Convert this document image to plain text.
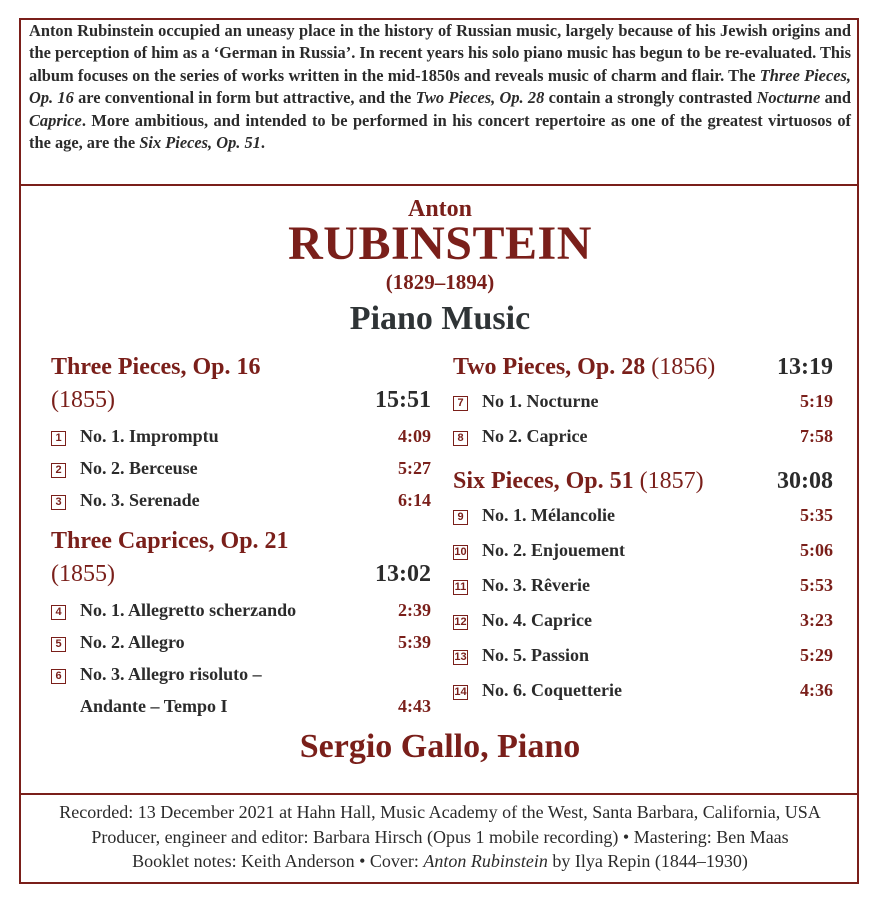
Anton Rubinstein occupied an uneasy place in the history of Russian music, largely because of his Jewish origins and the perception of him as a ‘German in Russia’. In recent years his solo piano music has begun to be re-evaluated. This album focuses on the series of works written in the mid-1850s and reveals music of charm and flair. The Three Pieces, Op. 16 are conventional in form but attractive, and the Two Pieces, Op. 28 contain a strongly contrasted Nocturne and Caprice. More ambitious, and intended to be performed in his concert repertoire as one of the greatest virtuosos of the age, are the Six Pieces, Op. 51.

Anton
RUBINSTEIN
(1829–1894)
Piano Music
Three Pieces, Op. 16
(1855)	15:51
1 No. 1. Impromptu	4:09
2 No. 2. Berceuse	5:27
3 No. 3. Serenade	6:14
Three Caprices, Op. 21
(1855)	13:02
4 No. 1. Allegretto scherzando	2:39
5 No. 2. Allegro	5:39
6 No. 3. Allegro risoluto –
Andante – Tempo I	4:43
Two Pieces, Op. 28 (1856)	13:19
7 No 1. Nocturne	5:19
8 No 2. Caprice	7:58
Six Pieces, Op. 51 (1857)	30:08
9 No. 1. Mélancolie	5:35
10 No. 2. Enjouement	5:06
11 No. 3. Rêverie	5:53
12 No. 4. Caprice	3:23
13 No. 5. Passion	5:29
14 No. 6. Coquetterie	4:36
Sergio Gallo, Piano
Recorded: 13 December 2021 at Hahn Hall, Music Academy of the West, Santa Barbara, California, USA
Producer, engineer and editor: Barbara Hirsch (Opus 1 mobile recording) • Mastering: Ben Maas
Booklet notes: Keith Anderson • Cover: Anton Rubinstein by Ilya Repin (1844–1930)
